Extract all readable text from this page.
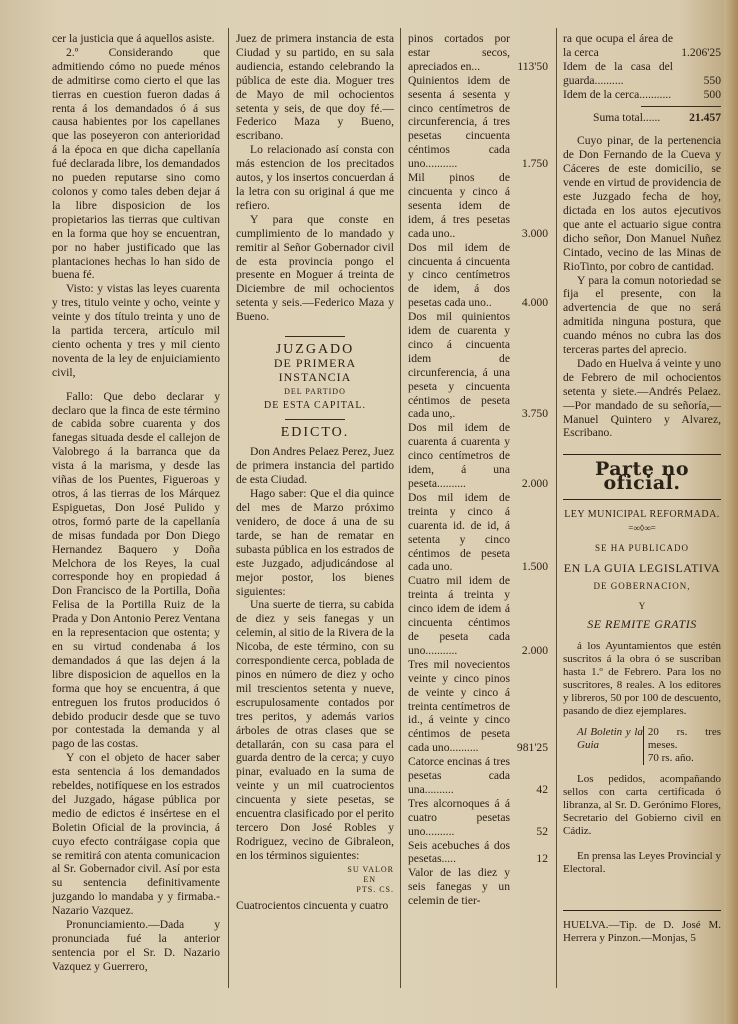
cer la justicia que á aquellos asiste.

2.º Considerando que admitiendo cómo no puede ménos de admitirse como cierto el que las tierras en cuestion fueron dadas á renta á los demandados ó á sus causa habientes por los capellanes que las poseyeron con anterioridad á la época en que dicha capellanía fué declarada libre, los demandados no pueden reputarse sino como colonos y como tales deben dejar á la libre disposicion de los propietarios las tierras que cultivan en la forma que hoy se encuentran, por no haber justificado que las plantaciones hechas lo han sido de buena fé.

Visto: y vistas las leyes cuarenta y tres, titulo veinte y ocho, veinte y veinte y dos título treinta y uno de la partida tercera, artículo mil ciento ochenta y tres y mil ciento noventa de la ley de enjuiciamiento civil,

Fallo: Que debo declarar y declaro que la finca de este término de cabida sobre cuarenta y dos fanegas situada desde el callejon de Valobrego á la barranca que da vista á la marisma, y desde las viñas de los Puentes, Figueroas y otros, á las tierras de los Márquez Espiguetas, Don José Pulido y otros, formó parte de la capellanía de misas fundada por Don Diego Hernandez Baquero y Doña Melchora de los Reyes, la cual corresponde hoy en propiedad á Don Francisco de la Portilla, Doña Felisa de la Portilla Ruiz de la Prada y Don Antonio Perez Ventana en la representacion que ostenta; y en su virtud condenaba á los demandados á que las dejen á la libre disposicion de aquellos en la forma que hoy se encuentra, á que entreguen los frutos producidos ó debido producir desde que se tuvo por contestada la demanda y al pago de las costas.

Y con el objeto de hacer saber esta sentencia á los demandados rebeldes, notifíquese en los estrados del Juzgado, hágase pública por medio de edictos é insértese en el Boletin Oficial de la provincia, á cuyo efecto contráigase copia que se remitirá con atenta comunicacion al Sr. Gobernador civil. Así por esta su sentencia definitivamente juzgando lo mandaba y y firmaba.-Nazario Vazquez.

Pronunciamiento.—Dada y pronunciada fué la anterior sentencia por el Sr. D. Nazario Vazquez y Guerrero,

Juez de primera instancia de esta Ciudad y su partido, en su sala audiencia, estando celebrando la pública de este dia. Moguer tres de Mayo de mil ochocientos setenta y seis, de que doy fé.—Federico Maza y Bueno, escribano.

Lo relacionado así consta con más estencion de los precitados autos, y los insertos concuerdan á la letra con su original á que me refiero.

Y para que conste en cumplimiento de lo mandado y remitir al Señor Gobernador civil de esta provincia pongo el presente en Moguer á treinta de Diciembre de mil ochocientos setenta y seis.—Federico Maza y Bueno.

JUZGADO
DE PRIMERA INSTANCIA
DEL PARTIDO
DE ESTA CAPITAL.
EDICTO.

Don Andres Pelaez Perez, Juez de primera instancia del partido de esta Ciudad.

Hago saber: Que el dia quince del mes de Marzo próximo venidero, de doce á una de su tarde, se han de rematar en subasta pública en los estrados de este Juzgado, adjudicándose al mejor postor, los bienes siguientes:

Una suerte de tierra, su cabida de diez y seis fanegas y un celemin, al sitio de la Rivera de la Nicoba, de este término, con su correspondiente cerca, poblada de pinos en número de diez y ocho mil trescientos setenta y nueve, escrupulosamente contados por tres peritos, y además varios árboles de otras clases que se detallarán, con su casa para el guarda dentro de la cerca; y cuyo pinar, evaluado en la suma de veinte y un mil cuatrocientos cincuenta y siete pesetas, se encuentra clasificado por el perito tercero Don José Robles y Rodriguez, vecino de Gibraleon, en los términos siguientes:

SU VALOR
EN
PTS. CS.

Cuatrocientos cincuenta y cuatro

pinos cortados por estar secos, apreciados en...	113'50
Quinientos idem de sesenta á sesenta y cinco centímetros de circunferencia, á tres pesetas cincuenta céntimos cada uno...........	1.750
Mil pinos de cincuenta y cinco á sesenta idem de idem, á tres pesetas cada uno..	3.000
Dos mil idem de cincuenta á cincuenta y cinco centímetros de idem, á dos pesetas cada uno..	4.000
Dos mil quinientos idem de cuarenta y cinco á cincuenta idem de circunferencia, á una peseta y cincuenta céntimos de peseta cada uno,.	3.750
Dos mil idem de cuarenta á cuarenta y cinco centímetros de idem, á una peseta..........	2.000
Dos mil idem de treinta y cinco á cuarenta id. de id, á setenta y cinco céntimos de peseta cada uno.	1.500
Cuatro mil idem de treinta á treinta y cinco idem de idem á cincuenta céntimos de peseta cada uno...........	2.000
Tres mil novecientos veinte y cinco pinos de veinte y cinco á treinta centímetros de id., á veinte y cinco céntimos de peseta cada uno..........	981'25
Catorce encinas á tres pesetas cada una..........	42
Tres alcornoques á á cuatro pesetas uno..........	52
Seis acebuches á dos pesetas.....	12
Valor de las diez y seis fanegas y un celemin de tier-
ra que ocupa el área de la cerca	1.206'25
Idem de la casa del guarda..........	550
Idem de la cerca...........	500
Suma total...... 21.457

Cuyo pinar, de la pertenencia de Don Fernando de la Cueva y Cáceres de este domicilio, se vende en virtud de providencia de este Juzgado fecha de hoy, dictada en los autos ejecutivos que ante el actuario sigue contra dicho señor, Don Manuel Nuñez Cintado, vecino de las Minas de RioTinto, por cobro de cantidad.

Y para la comun notoriedad se fija el presente, con la advertencia de que no será admitida ninguna postura, que cuando ménos no cubra las dos terceras partes del aprecio.

Dado en Huelva á veinte y uno de Febrero de mil ochocientos setenta y siete.—Andrés Pelaez.—Por mandado de su señoría,—Manuel Quintero y Alvarez, Escribano.

Parte no oficial.
LEY MUNICIPAL REFORMADA.
=∞◊∞=
SE HA PUBLICADO
EN LA GUIA LEGISLATIVA
DE GOBERNACION,
Y
SE REMITE GRATIS

á los Ayuntamientos que estén suscritos á la obra ó se suscriban hasta 1.º de Febrero. Para los no suscritores, 8 reales. A los editores y libreros, 50 por 100 de descuento, pasando de diez ejemplares.

Al Boletin y la Guia
20 rs. tres meses.
70 rs. año.

Los pedidos, acompañando sellos con carta certificada ó libranza, al Sr. D. Gerónimo Flores, Secretario del Gobierno civil en Cádiz.

En prensa las Leyes Provincial y Electoral.

HUELVA.—Tip. de D. José M. Herrera y Pinzon.—Monjas, 5
